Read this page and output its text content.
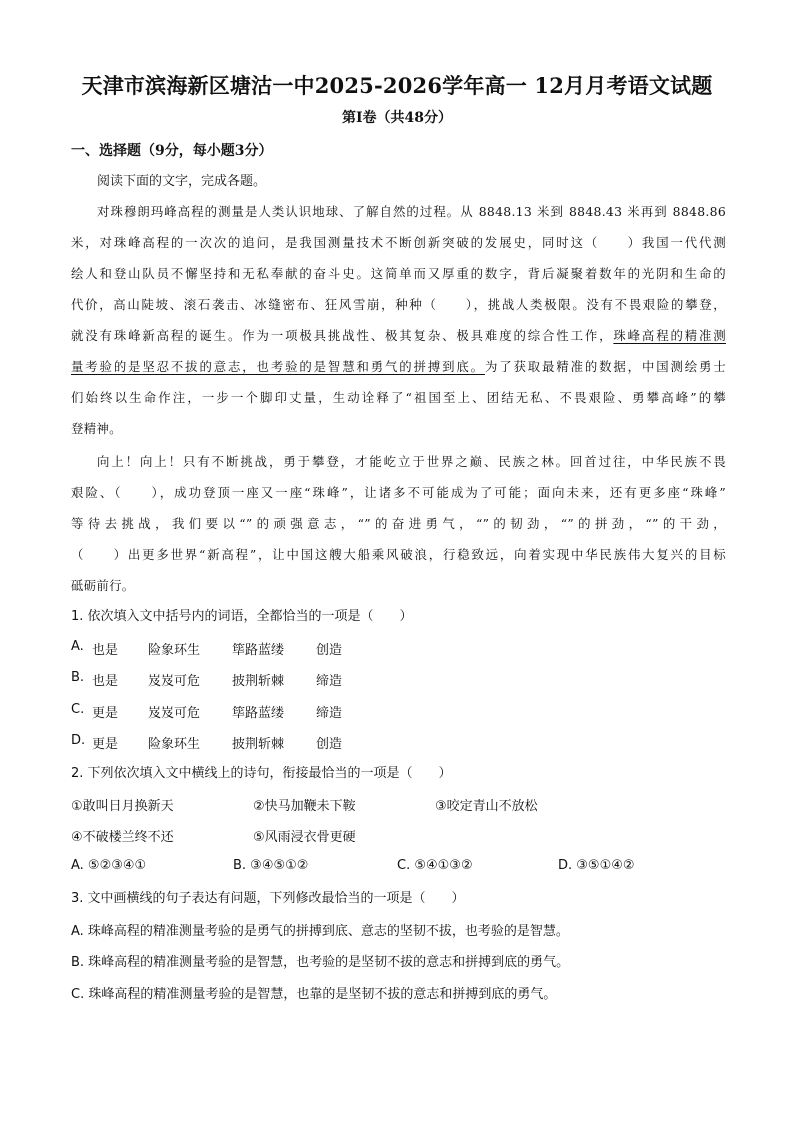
天津市滨海新区塘沽一中2025-2026学年高一 12月月考语文试题
第Ⅰ卷（共48分）
一、选择题（9分，每小题3分）
阅读下面的文字，完成各题。
对珠穆朗玛峰高程的测量是人类认识地球、了解自然的过程。从 8848.13 米到 8848.43 米再到 8848.86
米，对珠峰高程的一次次的追问，是我国测量技术不断创新突破的发展史，同时这（　　）我国一代代测
绘人和登山队员不懈坚持和无私奉献的奋斗史。这简单而又厚重的数字，背后凝聚着数年的光阴和生命的
代价，高山陡坡、滚石袭击、冰缝密布、狂风雪崩，种种（　　），挑战人类极限。没有不畏艰险的攀登，
就没有珠峰新高程的诞生。作为一项极具挑战性、极其复杂、极具难度的综合性工作，珠峰高程的精准测
量考验的是坚忍不拔的意志，也考验的是智慧和勇气的拼搏到底。为了获取最精准的数据，中国测绘勇士
们始终以生命作注，一步一个脚印丈量，生动诠释了“祖国至上、团结无私、不畏艰险、勇攀高峰”的攀
登精神。
向上！向上！只有不断挑战，勇于攀登，才能屹立于世界之巅、民族之林。回首过往，中华民族不畏
艰险、（　　），成功登顶一座又一座“珠峰”，让诸多不可能成为了可能；面向未来，还有更多座“珠峰”
等待去挑战，我们要以“”的顽强意志，“”的奋进勇气，“”的韧劲，“”的拼劲，“”的干劲，
（　　）出更多世界“新高程”，让中国这艘大船乘风破浪，行稳致远，向着实现中华民族伟大复兴的目标
砥砺前行。
1. 依次填入文中括号内的词语，全都恰当的一项是（　　）
A. 也是 险象环生 筚路蓝缕 创造
B. 也是 岌岌可危 披荆斩棘 缔造
C. 更是 岌岌可危 筚路蓝缕 缔造
D. 更是 险象环生 披荆斩棘 创造
2. 下列依次填入文中横线上的诗句，衔接最恰当的一项是（　　）
①敢叫日月换新天	②快马加鞭未下鞍	③咬定青山不放松
④不破楼兰终不还	⑤风雨浸衣骨更硬
A. ⑤②③④①	B. ③④⑤①②	C. ⑤④①③②	D. ③⑤①④②
3. 文中画横线的句子表达有问题，下列修改最恰当的一项是（　　）
A. 珠峰高程的精准测量考验的是勇气的拼搏到底、意志的坚韧不拔，也考验的是智慧。
B. 珠峰高程的精准测量考验的是智慧，也考验的是坚韧不拔的意志和拼搏到底的勇气。
C. 珠峰高程的精准测量考验的是智慧，也靠的是坚韧不拔的意志和拼搏到底的勇气。
